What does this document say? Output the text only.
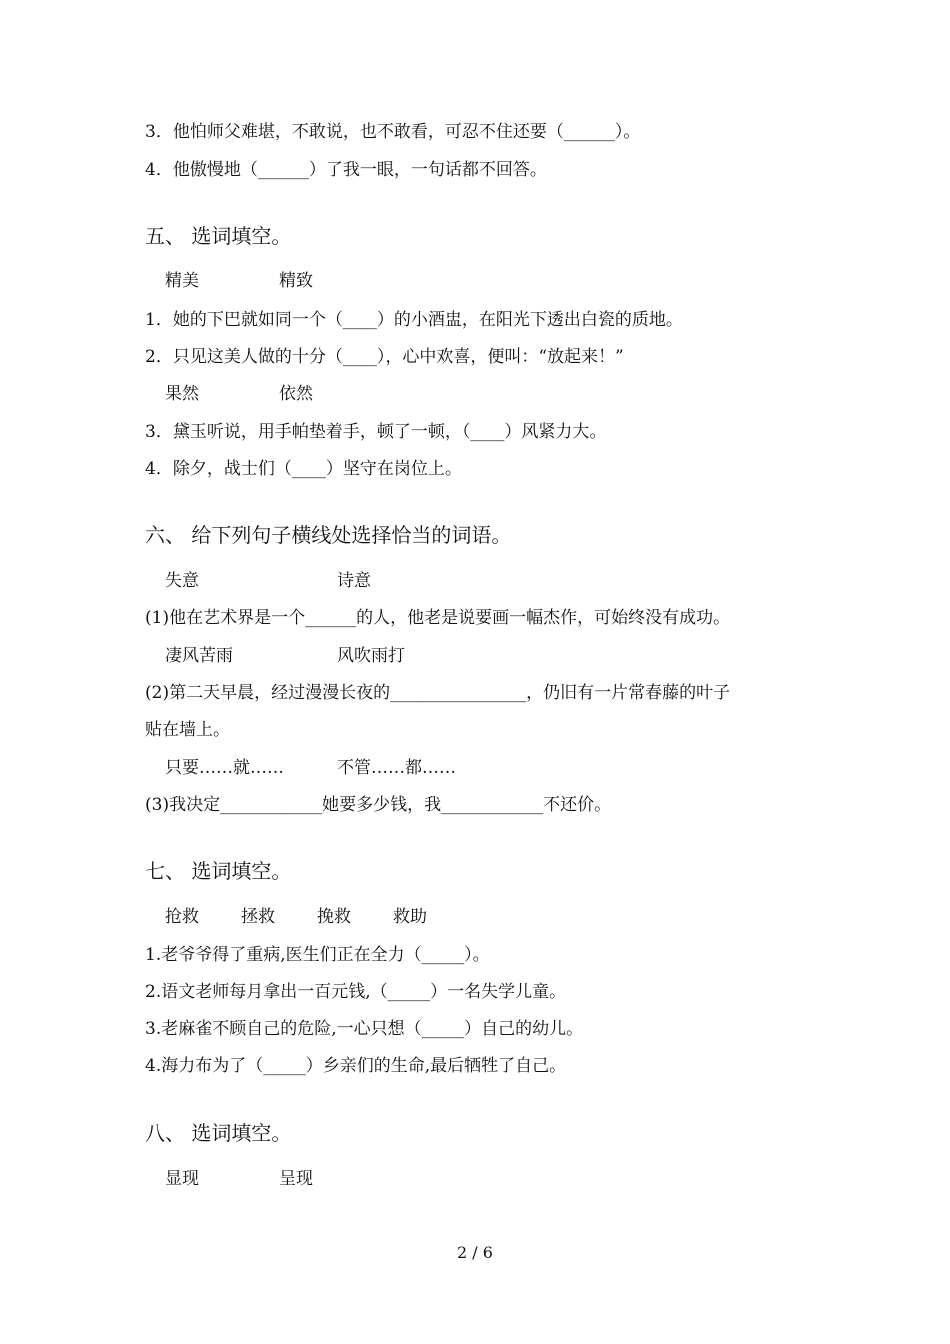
3．他怕师父难堪，不敢说，也不敢看，可忍不住还要（______）。
4．他傲慢地（______）了我一眼，一句话都不回答。
五、 选词填空。
精美	精致
1．她的下巴就如同一个（____）的小酒盅，在阳光下透出白瓷的质地。
2．只见这美人做的十分（____），心中欢喜，便叫：“放起来！”
果然	依然
3．黛玉听说，用手帕垫着手，顿了一顿，（____）风紧力大。
4．除夕，战士们（____）坚守在岗位上。
六、 给下列句子横线处选择恰当的词语。
失意	诗意
(1)他在艺术界是一个______的人，他老是说要画一幅杰作，可始终没有成功。
凄风苦雨	风吹雨打
(2)第二天早晨，经过漫漫长夜的________________，仍旧有一片常春藤的叶子
贴在墙上。
只要……就……	不管……都……
(3)我决定____________她要多少钱，我____________不还价。
七、 选词填空。
抢救 拯救 挽救 救助
1.老爷爷得了重病,医生们正在全力（_____）。
2.语文老师每月拿出一百元钱,（_____）一名失学儿童。
3.老麻雀不顾自己的危险,一心只想（_____）自己的幼儿。
4.海力布为了（_____）乡亲们的生命,最后牺牲了自己。
八、 选词填空。
显现	呈现
2 / 6
